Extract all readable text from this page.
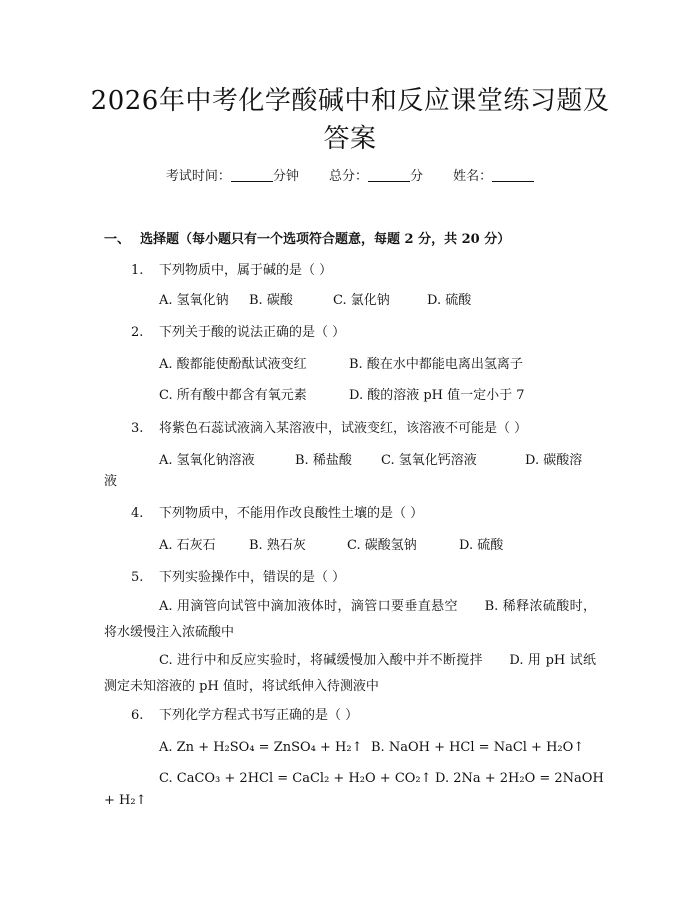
2026年中考化学酸碱中和反应课堂练习题及
答案
考试时间：	分钟 总分：	分 姓名：
一、 选择题（每小题只有一个选项符合题意，每题 2 分，共 20 分）
1. 下列物质中，属于碱的是（ ）
A. 氢氧化钠 B. 碳酸	C. 氯化钠	D. 硫酸
2. 下列关于酸的说法正确的是（ ）
A. 酸都能使酚酞试液变红	B. 酸在水中都能电离出氢离子
C. 所有酸中都含有氧元素	D. 酸的溶液 pH 值一定小于 7
3. 将紫色石蕊试液滴入某溶液中，试液变红，该溶液不可能是（ ）
A. 氢氧化钠溶液	B. 稀盐酸 C. 氢氧化钙溶液	D. 碳酸溶
液
4. 下列物质中，不能用作改良酸性土壤的是（ ）
A. 石灰石	B. 熟石灰	C. 碳酸氢钠	D. 硫酸
5. 下列实验操作中，错误的是（ ）
A. 用滴管向试管中滴加液体时，滴管口要垂直悬空　　B. 稀释浓硫酸时，将水缓慢注入浓硫酸中
C. 进行中和反应实验时，将碱缓慢加入酸中并不断搅拌　　D. 用 pH 试纸测定未知溶液的 pH 值时，将试纸伸入待测液中
6. 下列化学方程式书写正确的是（ ）
A. Zn + H₂SO₄ = ZnSO₄ + H₂↑ B. NaOH + HCl = NaCl + H₂O↑
C. CaCO₃ + 2HCl = CaCl₂ + H₂O + CO₂↑ D. 2Na + 2H₂O = 2NaOH
+ H₂↑
